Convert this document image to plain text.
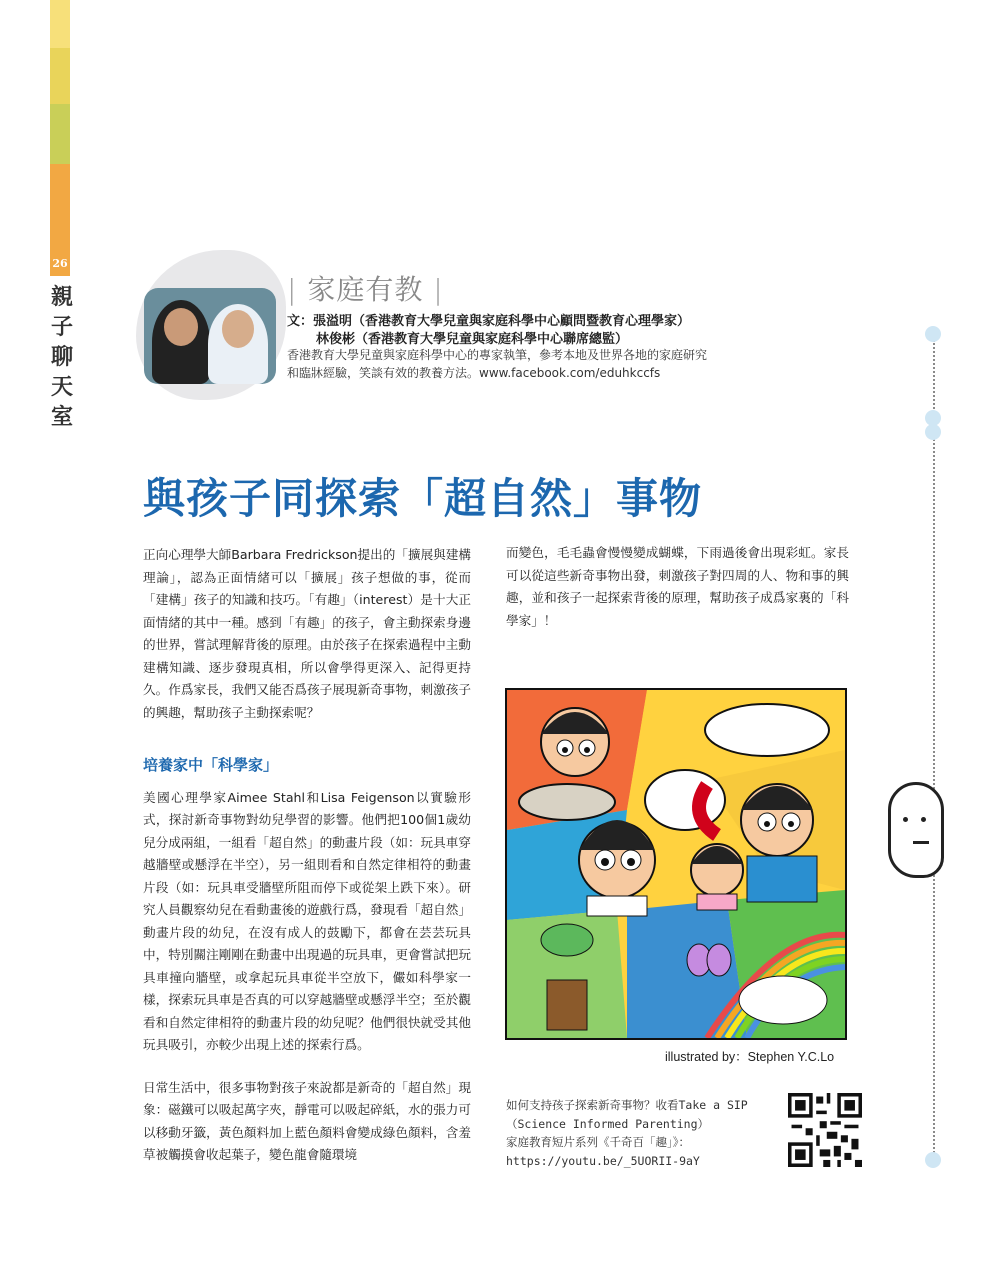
26
親子聊天室
| 家庭有教 |
文：張溢明（香港教育大學兒童與家庭科學中心顧問暨教育心理學家）
林俊彬（香港教育大學兒童與家庭科學中心聯席總監）
香港教育大學兒童與家庭科學中心的專家執筆，參考本地及世界各地的家庭研究和臨牀經驗，笑談有效的教養方法。www.facebook.com/eduhkccfs
與孩子同探索「超自然」事物

正向心理學大師Barbara Fredrickson提出的「擴展與建構理論」，認為正面情緒可以「擴展」孩子想做的事，從而「建構」孩子的知識和技巧。「有趣」（interest）是十大正面情緒的其中一種。感到「有趣」的孩子，會主動探索身邊的世界，嘗試理解背後的原理。由於孩子在探索過程中主動建構知識、逐步發現真相，所以會學得更深入、記得更持久。作爲家長，我們又能否爲孩子展現新奇事物，刺激孩子的興趣，幫助孩子主動探索呢？

培養家中「科學家」

美國心理學家Aimee Stahl和Lisa Feigenson以實驗形式，探討新奇事物對幼兒學習的影響。他們把100個1歲幼兒分成兩組，一組看「超自然」的動畫片段（如：玩具車穿越牆壁或懸浮在半空），另一組則看和自然定律相符的動畫片段（如：玩具車受牆壁所阻而停下或從架上跌下來）。研究人員觀察幼兒在看動畫後的遊戲行爲，發現看「超自然」動畫片段的幼兒，在沒有成人的鼓勵下，都會在芸芸玩具中，特別關注剛剛在動畫中出現過的玩具車，更會嘗試把玩具車撞向牆壁，或拿起玩具車從半空放下，儼如科學家一樣，探索玩具車是否真的可以穿越牆壁或懸浮半空；至於觀看和自然定律相符的動畫片段的幼兒呢？他們很快就受其他玩具吸引，亦較少出現上述的探索行爲。

日常生活中，很多事物對孩子來說都是新奇的「超自然」現象：磁鐵可以吸起萬字夾，靜電可以吸起碎紙，水的張力可以移動牙籤，黃色顏料加上藍色顏料會變成綠色顏料，含羞草被觸摸會收起葉子，變色龍會隨環境

而變色，毛毛蟲會慢慢變成蝴蝶，下雨過後會出現彩虹。家長可以從這些新奇事物出發，刺激孩子對四周的人、物和事的興趣，並和孩子一起探索背後的原理，幫助孩子成爲家裏的「科學家」！

illustrated by：Stephen Y.C.Lo
如何支持孩子探索新奇事物？收看Take a SIP
（Science Informed Parenting）
家庭教育短片系列《千奇百「趣」》：
https://youtu.be/_5UORII-9aY
